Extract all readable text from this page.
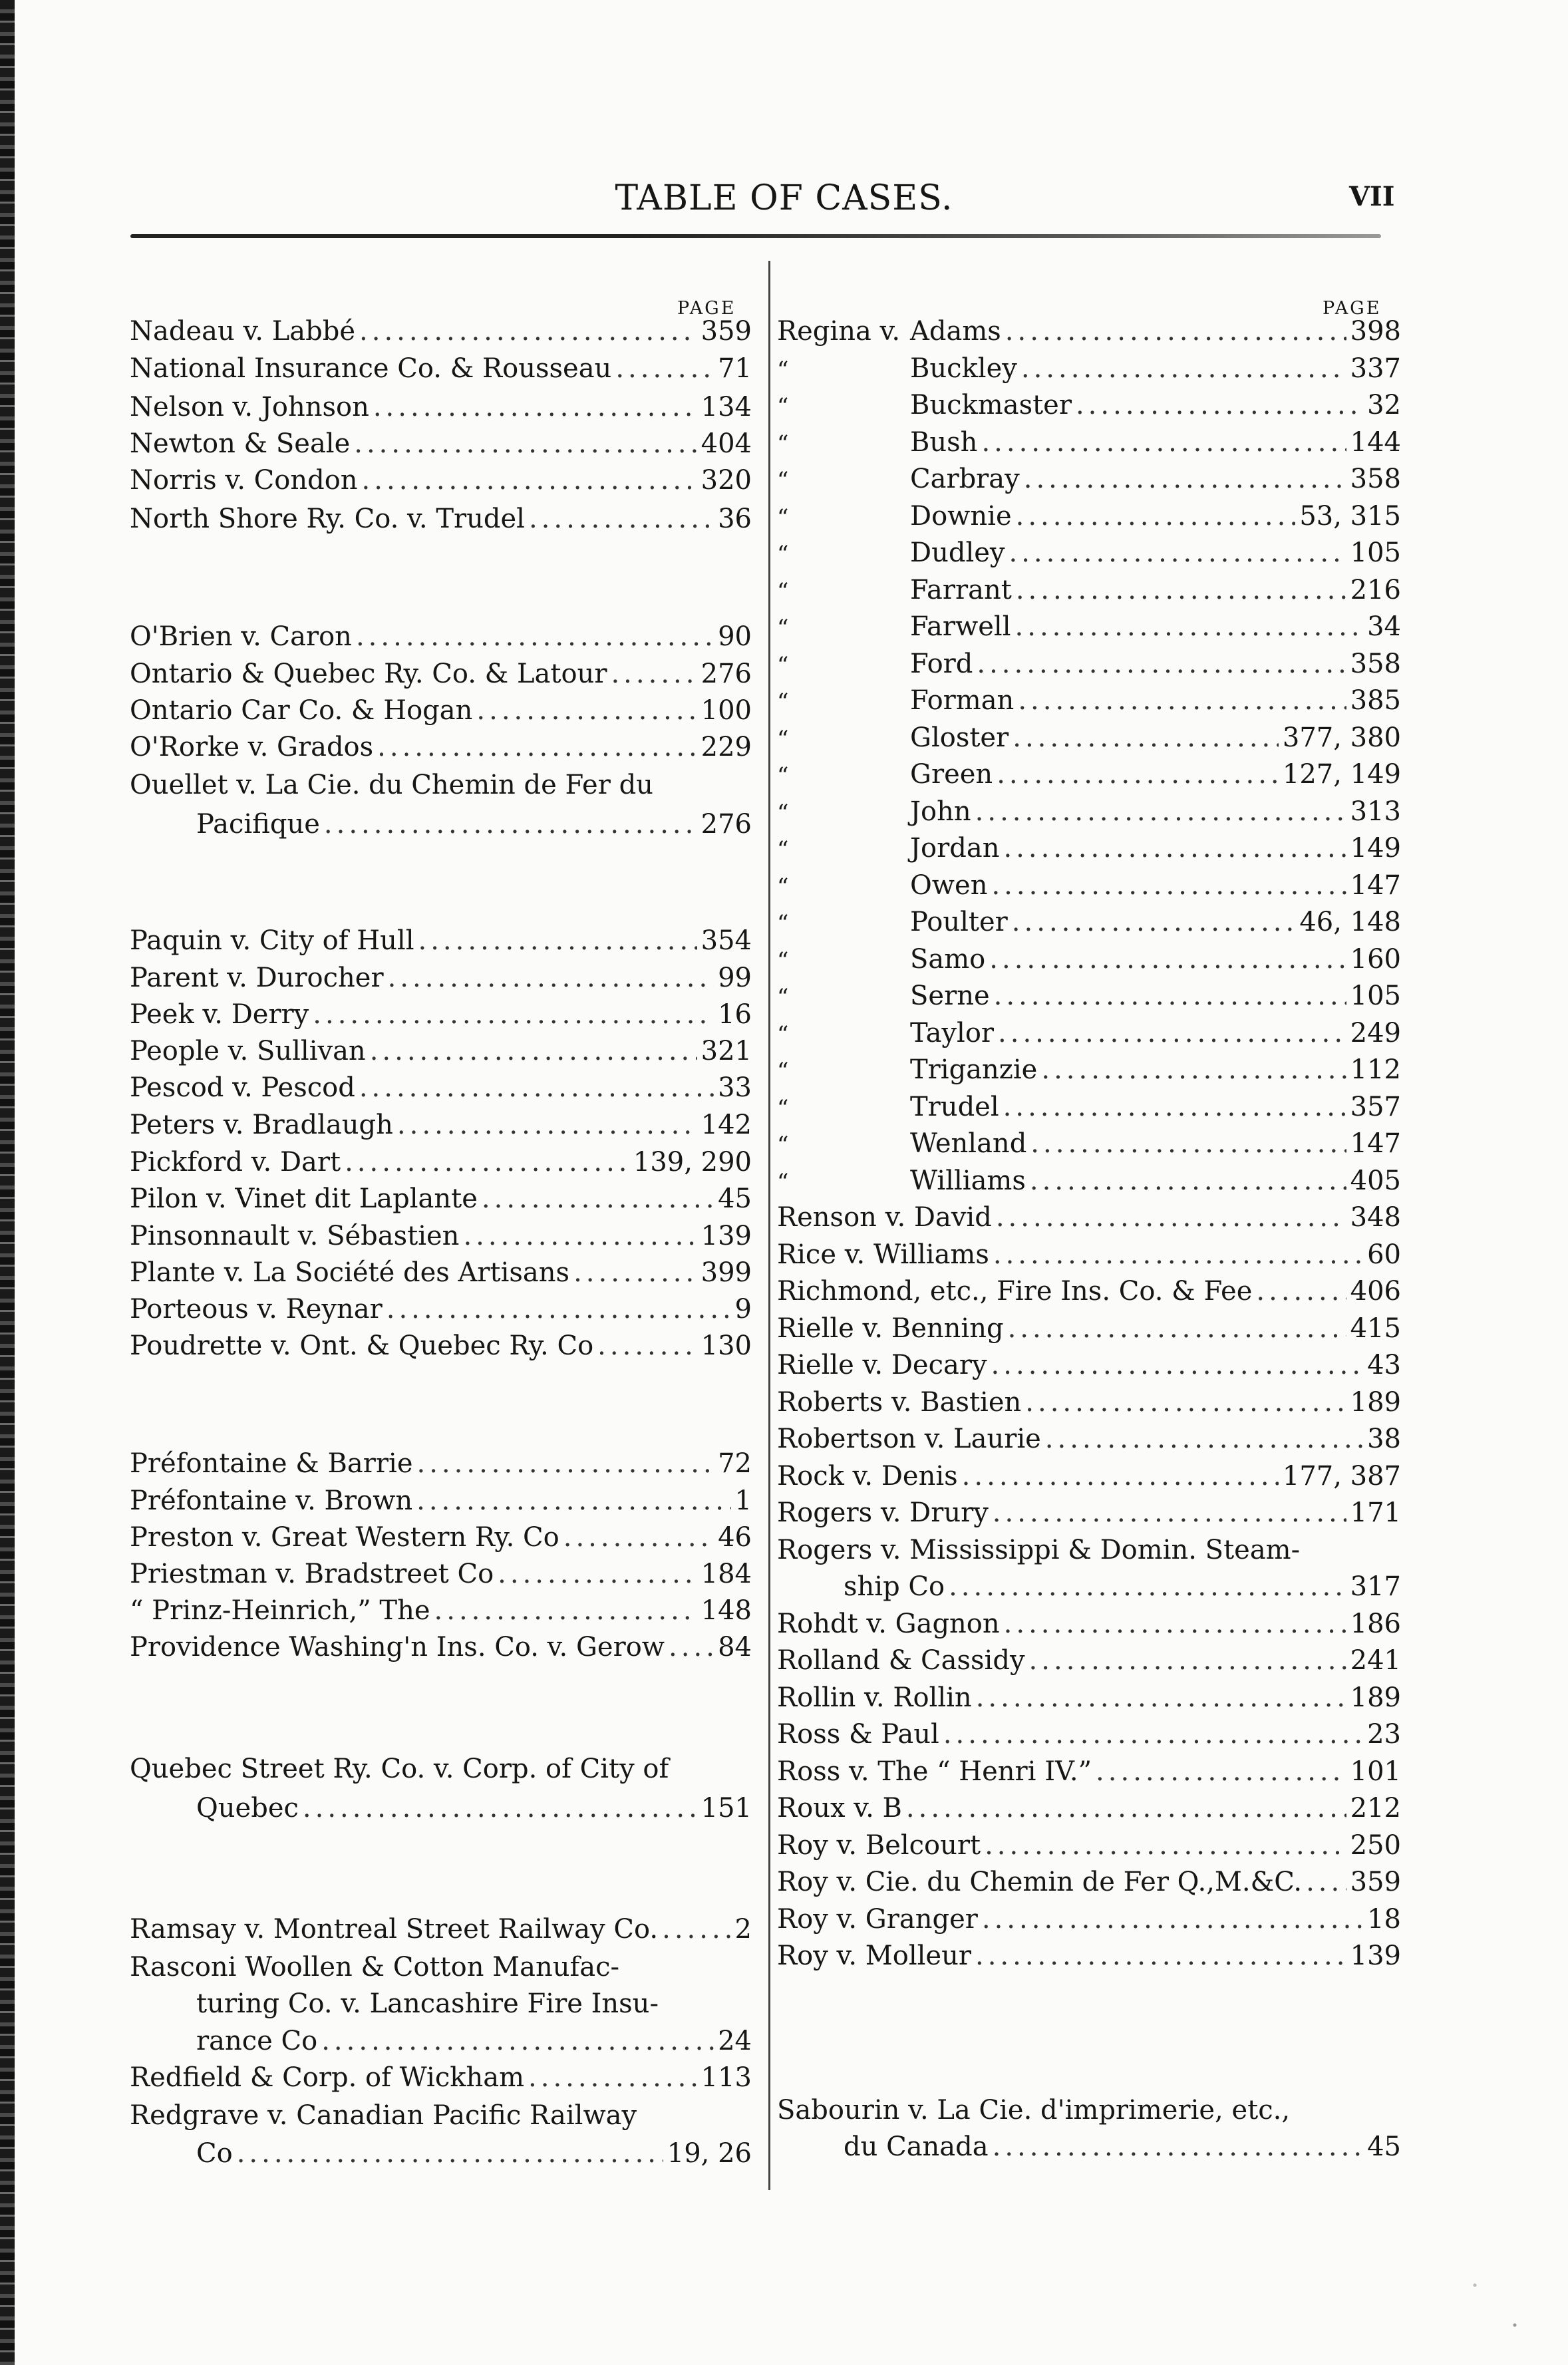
TABLE OF CASES.	VII
PAGE	PAGE
Nadeau v. Labbé .....	359
National Insurance Co. & Rousseau .....	71
Nelson v. Johnson .....	134
Newton & Seale .....	404
Norris v. Condon .....	320
North Shore Ry. Co. v. Trudel .....	36
O'Brien v. Caron .....	90
Ontario & Quebec Ry. Co. & Latour .....	276
Ontario Car Co. & Hogan .....	100
O'Rorke v. Grados .....	229
Ouellet v. La Cie. du Chemin de Fer du
Pacifique .....	276
Paquin v. City of Hull .....	354
Parent v. Durocher .....	99
Peek v. Derry .....	16
People v. Sullivan .....	321
Pescod v. Pescod .....	33
Peters v. Bradlaugh .....	142
Pickford v. Dart .....	139, 290
Pilon v. Vinet dit Laplante .....	45
Pinsonnault v. Sébastien .....	139
Plante v. La Société des Artisans .....	399
Porteous v. Reynar .....	9
Poudrette v. Ont. & Quebec Ry. Co .....	130
Préfontaine & Barrie .....	72
Préfontaine v. Brown .....	1
Preston v. Great Western Ry. Co .....	46
Priestman v. Bradstreet Co .....	184
“ Prinz-Heinrich,” The .....	148
Providence Washing'n Ins. Co. v. Gerow ..... 84
Quebec Street Ry. Co. v. Corp. of City of
Quebec .....	151
Ramsay v. Montreal Street Railway Co. .....	2
Rasconi Woollen & Cotton Manufac-
turing Co. v. Lancashire Fire Insu-
rance Co .....	24
Redfield & Corp. of Wickham .....	113
Redgrave v. Canadian Pacific Railway
Co .....	19, 26
Regina v. Adams .....	398
“	Buckley .....	337
“	Buckmaster .....	32
“	Bush .....	144
“	Carbray .....	358
“	Downie .....	53, 315
“	Dudley .....	105
“	Farrant .....	216
“	Farwell .....	34
“	Ford .....	358
“	Forman .....	385
“	Gloster .....	377, 380
“	Green .....	127, 149
“	John .....	313
“	Jordan .....	149
“	Owen .....	147
“	Poulter .....	46, 148
“	Samo .....	160
“	Serne .....	105
“	Taylor .....	249
“	Triganzie .....	112
“	Trudel .....	357
“	Wenland .....	147
“	Williams .....	405
Renson v. David .....	348
Rice v. Williams .....	60
Richmond, etc., Fire Ins. Co. & Fee .....	406
Rielle v. Benning .....	415
Rielle v. Decary .....	43
Roberts v. Bastien .....	189
Robertson v. Laurie .....	38
Rock v. Denis .....	177, 387
Rogers v. Drury .....	171
Rogers v. Mississippi & Domin. Steam-
ship Co .....	317
Rohdt v. Gagnon .....	186
Rolland & Cassidy .....	241
Rollin v. Rollin .....	189
Ross & Paul .....	23
Ross v. The “ Henri IV.” .....	101
Roux v. B .....	212
Roy v. Belcourt .....	250
Roy v. Cie. du Chemin de Fer Q.,M.&C. ..... 359
Roy v. Granger .....	18
Roy v. Molleur .....	139
Sabourin v. La Cie. d'imprimerie, etc.,
du Canada .....	45
